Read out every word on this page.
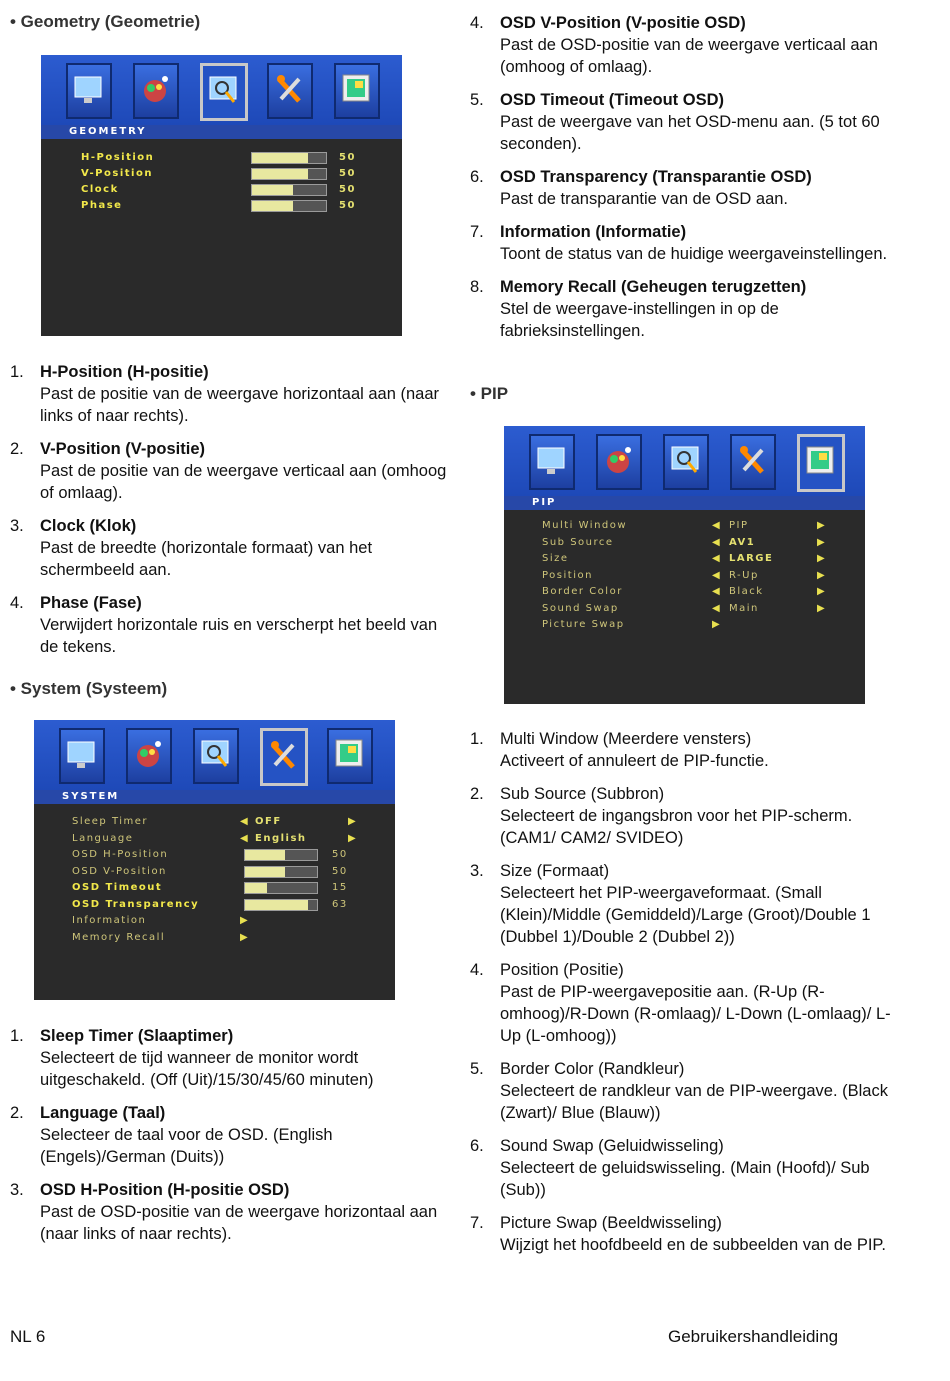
• Geometry (Geometrie)
GEOMETRY
H-Position	50
V-Position	50
Clock	50
Phase	50
1. H-Position (H-positie)
Past de positie van de weergave horizontaal aan (naar links of naar rechts).
2. V-Position (V-positie)
Past de positie van de weergave verticaal aan (omhoog of omlaag).
3. Clock (Klok)
Past de breedte (horizontale formaat) van het schermbeeld aan.
4. Phase (Fase)
Verwijdert horizontale ruis en verscherpt het beeld van de tekens.
• System (Systeem)
SYSTEM
Sleep Timer	◀ OFF	▶
Language	◀ English	▶
OSD H-Position	50
OSD V-Position	50
OSD Timeout	15
OSD Transparency	63
Information	▶
Memory Recall	▶
1. Sleep Timer (Slaaptimer)
Selecteert de tijd wanneer de monitor wordt uitgeschakeld. (Off (Uit)/15/30/45/60 minuten)
2. Language (Taal)
Selecteer de taal voor de OSD. (English (Engels)/German (Duits))
3. OSD H-Position (H-positie OSD)
Past de OSD-positie van de weergave horizontaal aan (naar links of naar rechts).
NL 6
4. OSD V-Position (V-positie OSD)
Past de OSD-positie van de weergave verticaal aan (omhoog of omlaag).
5. OSD Timeout (Timeout OSD)
Past de weergave van het OSD-menu aan. (5 tot 60 seconden).
6. OSD Transparency (Transparantie OSD)
Past de transparantie van de OSD aan.
7. Information (Informatie)
Toont de status van de huidige weergaveinstellingen.
8. Memory Recall (Geheugen terugzetten)
Stel de weergave-instellingen in op de fabrieksinstellingen.
• PIP
PIP
Multi Window	◀ PIP	▶
Sub Source	◀ AV1	▶
Size	◀ LARGE	▶
Position	◀ R-Up	▶
Border Color	◀ Black	▶
Sound Swap	◀ Main	▶
Picture Swap	▶
1. Multi Window (Meerdere vensters)
Activeert of annuleert de PIP-functie.
2. Sub Source (Subbron)
Selecteert de ingangsbron voor het PIP-scherm. (CAM1/ CAM2/ SVIDEO)
3. Size (Formaat)
Selecteert het PIP-weergaveformaat. (Small (Klein)/Middle (Gemiddeld)/Large (Groot)/Double 1 (Dubbel 1)/Double 2 (Dubbel 2))
4. Position (Positie)
Past de PIP-weergavepositie aan. (R-Up (R-omhoog)/R-Down (R-omlaag)/ L-Down (L-omlaag)/ L-Up (L-omhoog))
5. Border Color (Randkleur)
Selecteert de randkleur van de PIP-weergave. (Black (Zwart)/ Blue (Blauw))
6. Sound Swap (Geluidwisseling)
Selecteert de geluidswisseling. (Main (Hoofd)/ Sub (Sub))
7. Picture Swap (Beeldwisseling)
Wijzigt het hoofdbeeld en de subbeelden van de PIP.
Gebruikershandleiding
